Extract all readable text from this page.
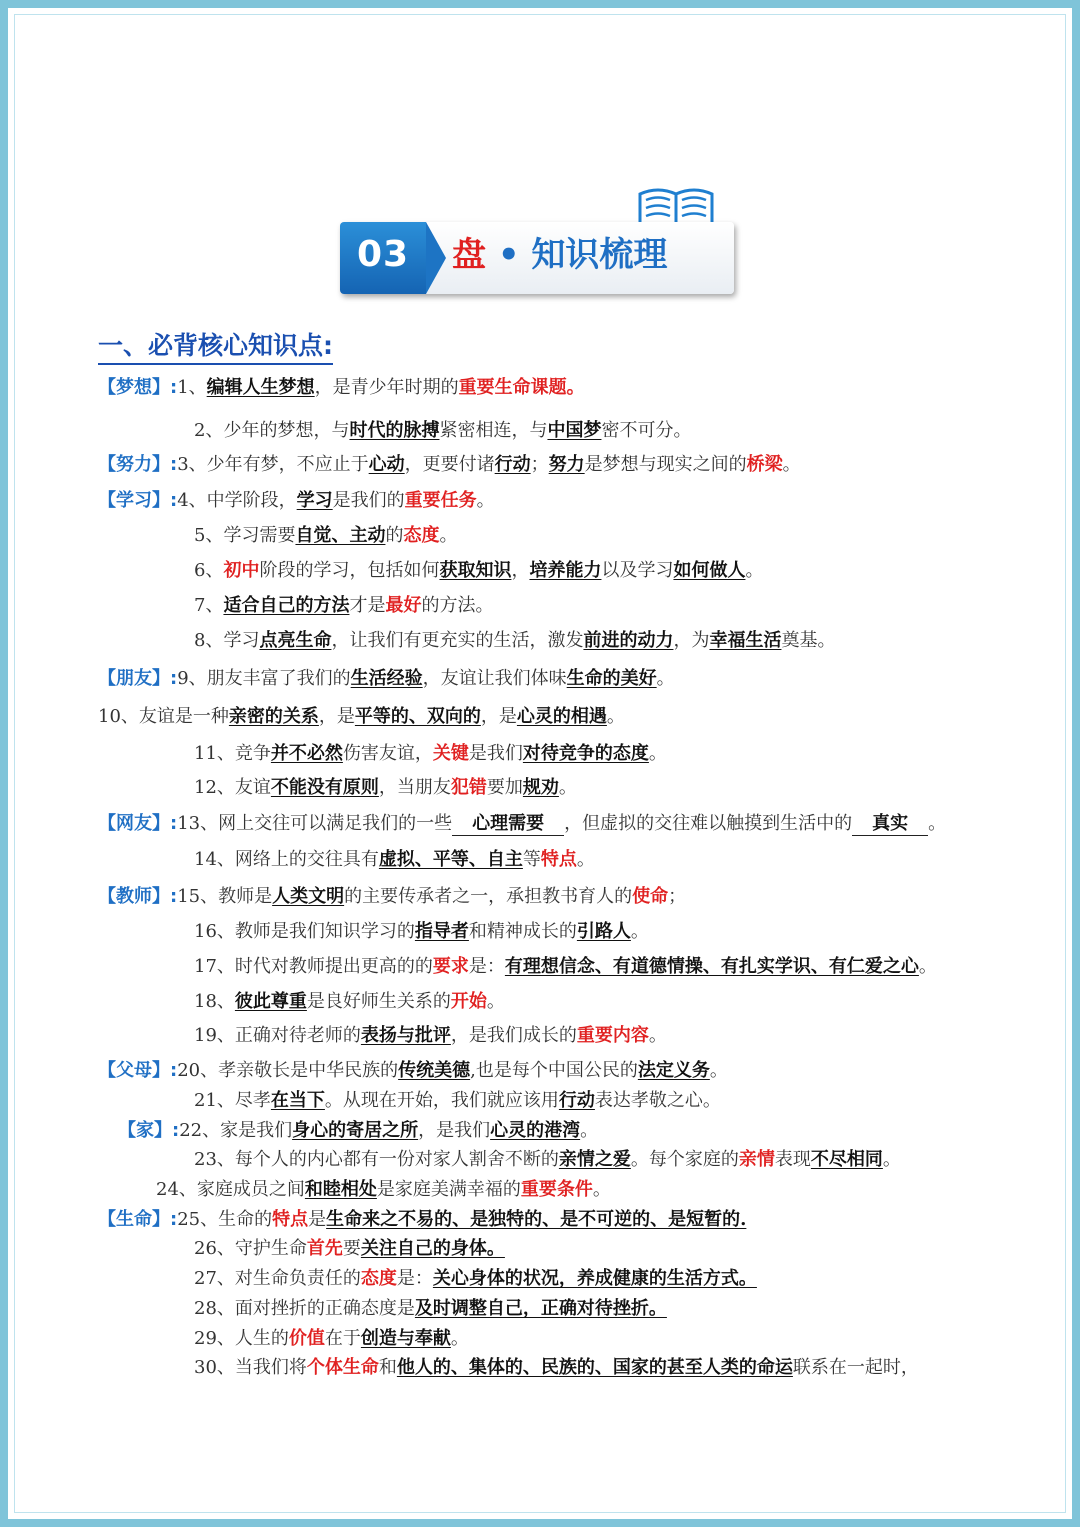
03	盘 • 知识梳理
一、必背核心知识点:
【梦想】:1、编辑人生梦想，是青少年时期的重要生命课题。
2、少年的梦想，与时代的脉搏紧密相连，与中国梦密不可分。
【努力】:3、少年有梦，不应止于心动，更要付诸行动；努力是梦想与现实之间的桥梁。
【学习】:4、中学阶段，学习是我们的重要任务。
5、学习需要自觉、主动的态度。
6、初中阶段的学习，包括如何获取知识，培养能力以及学习如何做人。
7、适合自己的方法才是最好的方法。
8、学习点亮生命，让我们有更充实的生活，激发前进的动力，为幸福生活奠基。
【朋友】:9、朋友丰富了我们的生活经验，友谊让我们体味生命的美好。
10、友谊是一种亲密的关系，是平等的、双向的，是心灵的相遇。
11、竞争并不必然伤害友谊，关键是我们对待竞争的态度。
12、友谊不能没有原则，当朋友犯错要加规劝。
【网友】:13、网上交往可以满足我们的一些 心理需要 ，但虚拟的交往难以触摸到生活中的 真实 。
14、网络上的交往具有虚拟、平等、自主等特点。
【教师】:15、教师是人类文明的主要传承者之一，承担教书育人的使命；
16、教师是我们知识学习的指导者和精神成长的引路人。
17、时代对教师提出更高的的要求是：有理想信念、有道德情操、有扎实学识、有仁爱之心。
18、彼此尊重是良好师生关系的开始。
19、正确对待老师的表扬与批评，是我们成长的重要内容。
【父母】:20、孝亲敬长是中华民族的传统美德,也是每个中国公民的法定义务。
21、尽孝在当下。从现在开始，我们就应该用行动表达孝敬之心。
【家】:22、家是我们身心的寄居之所，是我们心灵的港湾。
23、每个人的内心都有一份对家人割舍不断的亲情之爱。每个家庭的亲情表现不尽相同。
24、家庭成员之间和睦相处是家庭美满幸福的重要条件。
【生命】:25、生命的特点是生命来之不易的、是独特的、是不可逆的、是短暂的.
26、守护生命首先要关注自己的身体。
27、对生命负责任的态度是：关心身体的状况，养成健康的生活方式。
28、面对挫折的正确态度是及时调整自己，正确对待挫折。
29、人生的价值在于创造与奉献。
30、当我们将个体生命和他人的、集体的、民族的、国家的甚至人类的命运联系在一起时，
